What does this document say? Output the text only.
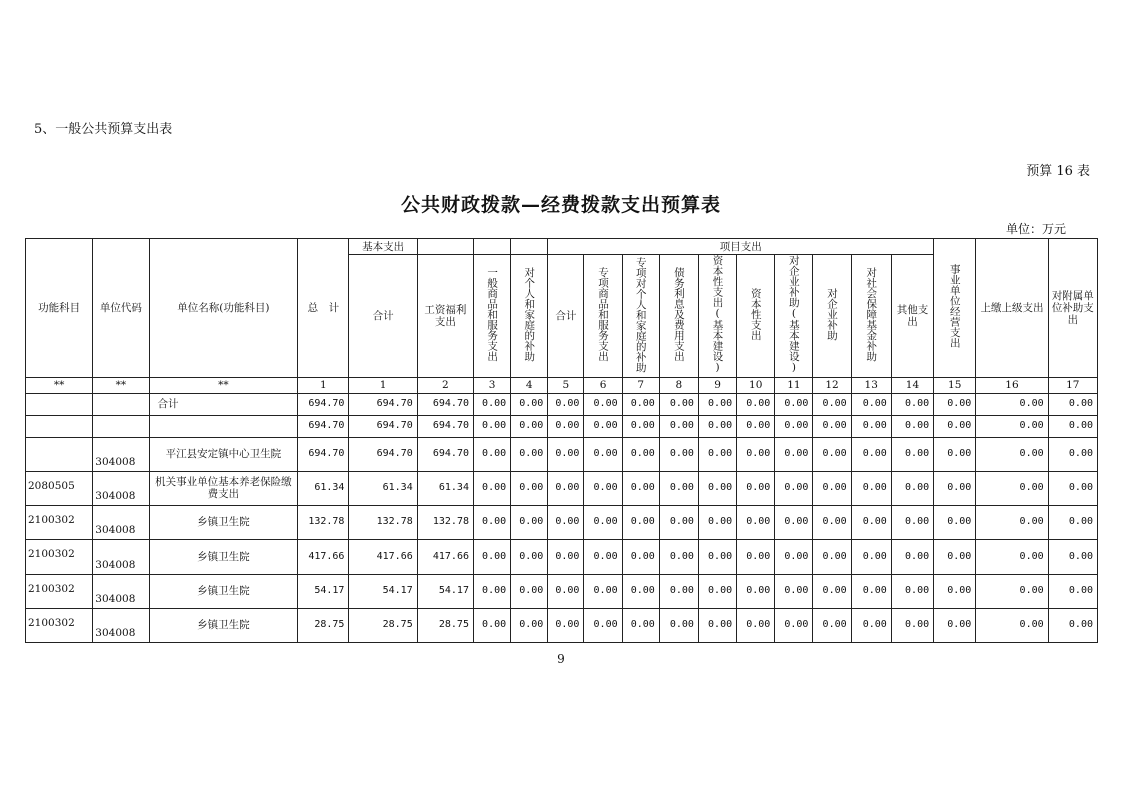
5、一般公共预算支出表
预算 16 表
公共财政拨款—经费拨款支出预算表
单位：万元
功能科目	单位代码	单位名称(功能科目)	总　计	基本支出				项目支出										事业单位经营支出	上缴上级支出	对附属单位补助支出
				合计	工资福利支出	一般商品和服务支出	对个人和家庭的补助	合计	专项商品和服务支出	专项对个人和家庭的补助	债务利息及费用支出	资本性支出(基本建设)	资本性支出	对企业补助(基本建设)	对企业补助	对社会保障基金补助	其他支出			
**	**	**	1	1	2	3	4	5	6	7	8	9	10	11	12	13	14	15	16	17
		合计	694.70	694.70	694.70	0.00	0.00	0.00	0.00	0.00	0.00	0.00	0.00	0.00	0.00	0.00	0.00	0.00	0.00	0.00
			694.70	694.70	694.70	0.00	0.00	0.00	0.00	0.00	0.00	0.00	0.00	0.00	0.00	0.00	0.00	0.00	0.00	0.00
	304008	平江县安定镇中心卫生院	694.70	694.70	694.70	0.00	0.00	0.00	0.00	0.00	0.00	0.00	0.00	0.00	0.00	0.00	0.00	0.00	0.00	0.00
2080505	304008	机关事业单位基本养老保险缴费支出	61.34	61.34	61.34	0.00	0.00	0.00	0.00	0.00	0.00	0.00	0.00	0.00	0.00	0.00	0.00	0.00	0.00	0.00
2100302	304008	乡镇卫生院	132.78	132.78	132.78	0.00	0.00	0.00	0.00	0.00	0.00	0.00	0.00	0.00	0.00	0.00	0.00	0.00	0.00	0.00
2100302	304008	乡镇卫生院	417.66	417.66	417.66	0.00	0.00	0.00	0.00	0.00	0.00	0.00	0.00	0.00	0.00	0.00	0.00	0.00	0.00	0.00
2100302	304008	乡镇卫生院	54.17	54.17	54.17	0.00	0.00	0.00	0.00	0.00	0.00	0.00	0.00	0.00	0.00	0.00	0.00	0.00	0.00	0.00
2100302	304008	乡镇卫生院	28.75	28.75	28.75	0.00	0.00	0.00	0.00	0.00	0.00	0.00	0.00	0.00	0.00	0.00	0.00	0.00	0.00	0.00
9
